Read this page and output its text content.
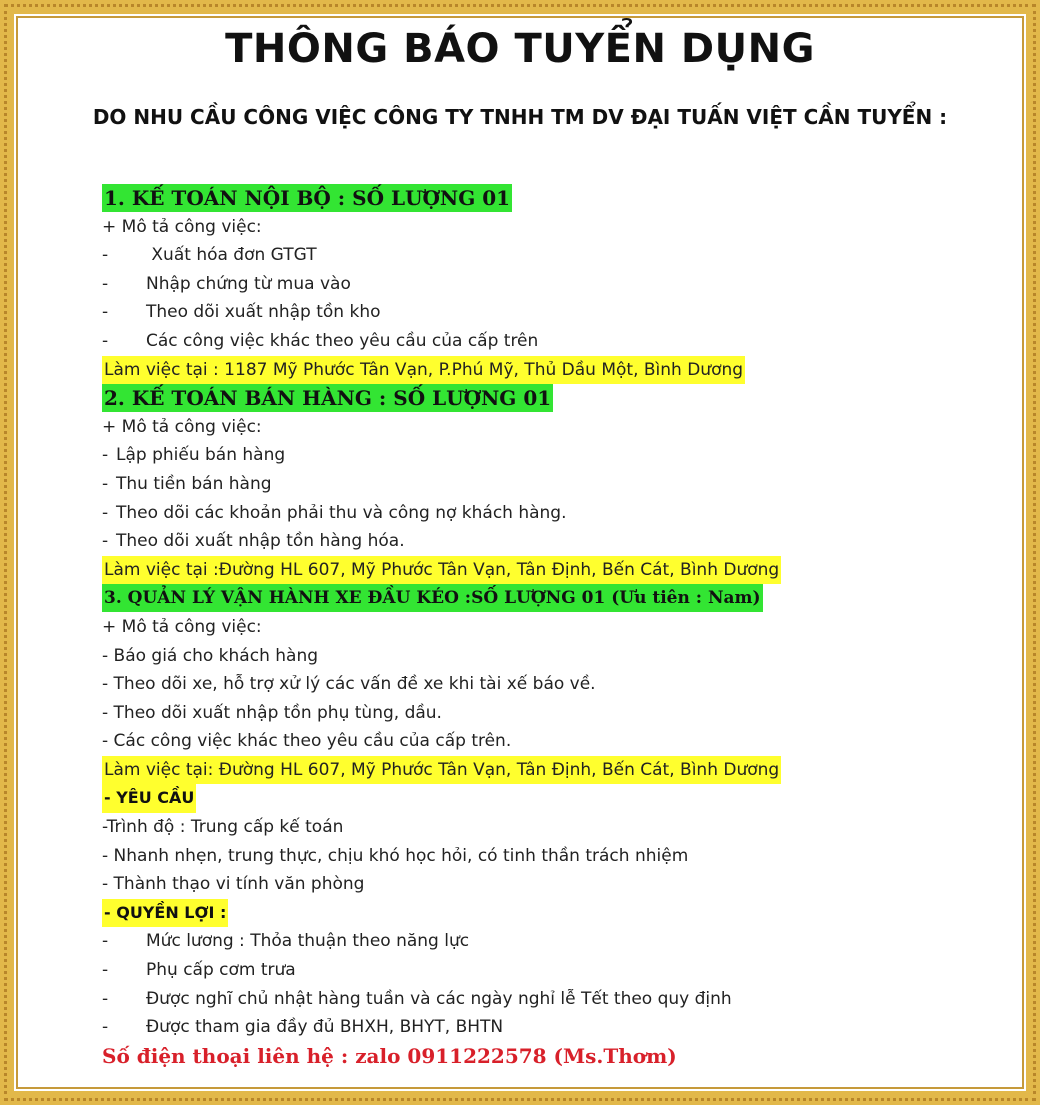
THÔNG BÁO TUYỂN DỤNG
DO NHU CẦU CÔNG VIỆC CÔNG TY TNHH TM DV ĐẠI TUẤN VIỆT CẦN TUYỂN :
1. KẾ TOÁN NỘI BỘ : SỐ LƯỢNG 01
+ Mô tả công việc:
-	Xuất hóa đơn GTGT
- Nhập chứng từ mua vào
- Theo dõi xuất nhập tồn kho
- Các công việc khác theo yêu cầu của cấp trên
Làm việc tại : 1187 Mỹ Phước Tân Vạn, P.Phú Mỹ, Thủ Dầu Một, Bình Dương
2. KẾ TOÁN BÁN HÀNG : SỐ LƯỢNG 01
+ Mô tả công việc:
- Lập phiếu bán hàng
- Thu tiền bán hàng
- Theo dõi các khoản phải thu và công nợ khách hàng.
- Theo dõi xuất nhập tồn hàng hóa.
Làm việc tại :Đường HL 607, Mỹ Phước Tân Vạn, Tân Định, Bến Cát, Bình Dương
3. QUẢN LÝ VẬN HÀNH XE ĐẦU KÉO :SỐ LƯỢNG 01 (Ưu tiên : Nam)
+ Mô tả công việc:
- Báo giá cho khách hàng
- Theo dõi xe, hỗ trợ xử lý các vấn đề xe khi tài xế báo về.
- Theo dõi xuất nhập tồn phụ tùng, dầu.
- Các công việc khác theo yêu cầu của cấp trên.
Làm việc tại: Đường HL 607, Mỹ Phước Tân Vạn, Tân Định, Bến Cát, Bình Dương
- YÊU CẦU
-Trình độ : Trung cấp kế toán
- Nhanh nhẹn, trung thực, chịu khó học hỏi, có tinh thần trách nhiệm
- Thành thạo vi tính văn phòng
- QUYỀN LỢI :
- Mức lương : Thỏa thuận theo năng lực
- Phụ cấp cơm trưa
- Được nghĩ chủ nhật hàng tuần và các ngày nghỉ lễ Tết theo quy định
- Được tham gia đầy đủ BHXH, BHYT, BHTN
Số điện thoại liên hệ : zalo 0911222578 (Ms.Thơm)
